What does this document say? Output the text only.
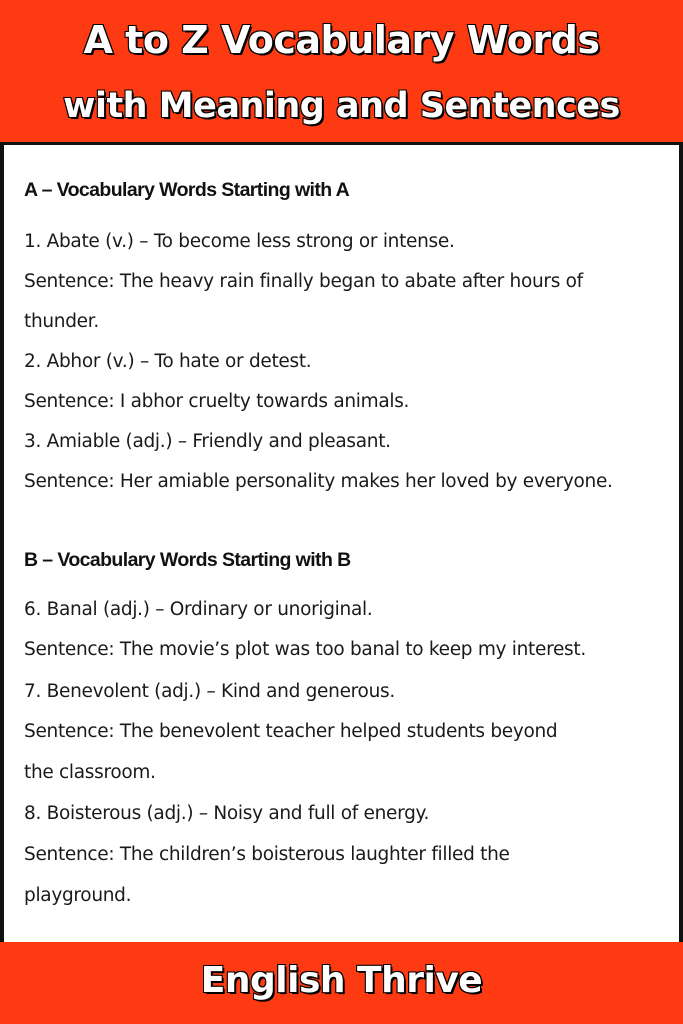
A to Z Vocabulary Words
with Meaning and Sentences
A – Vocabulary Words Starting with A
1. Abate (v.) – To become less strong or intense.
Sentence: The heavy rain finally began to abate after hours of
thunder.
2. Abhor (v.) – To hate or detest.
Sentence: I abhor cruelty towards animals.
3. Amiable (adj.) – Friendly and pleasant.
Sentence: Her amiable personality makes her loved by everyone.
B – Vocabulary Words Starting with B
6. Banal (adj.) – Ordinary or unoriginal.
Sentence: The movie’s plot was too banal to keep my interest.
7. Benevolent (adj.) – Kind and generous.
Sentence: The benevolent teacher helped students beyond
the classroom.
8. Boisterous (adj.) – Noisy and full of energy.
Sentence: The children’s boisterous laughter filled the
playground.
English Thrive
